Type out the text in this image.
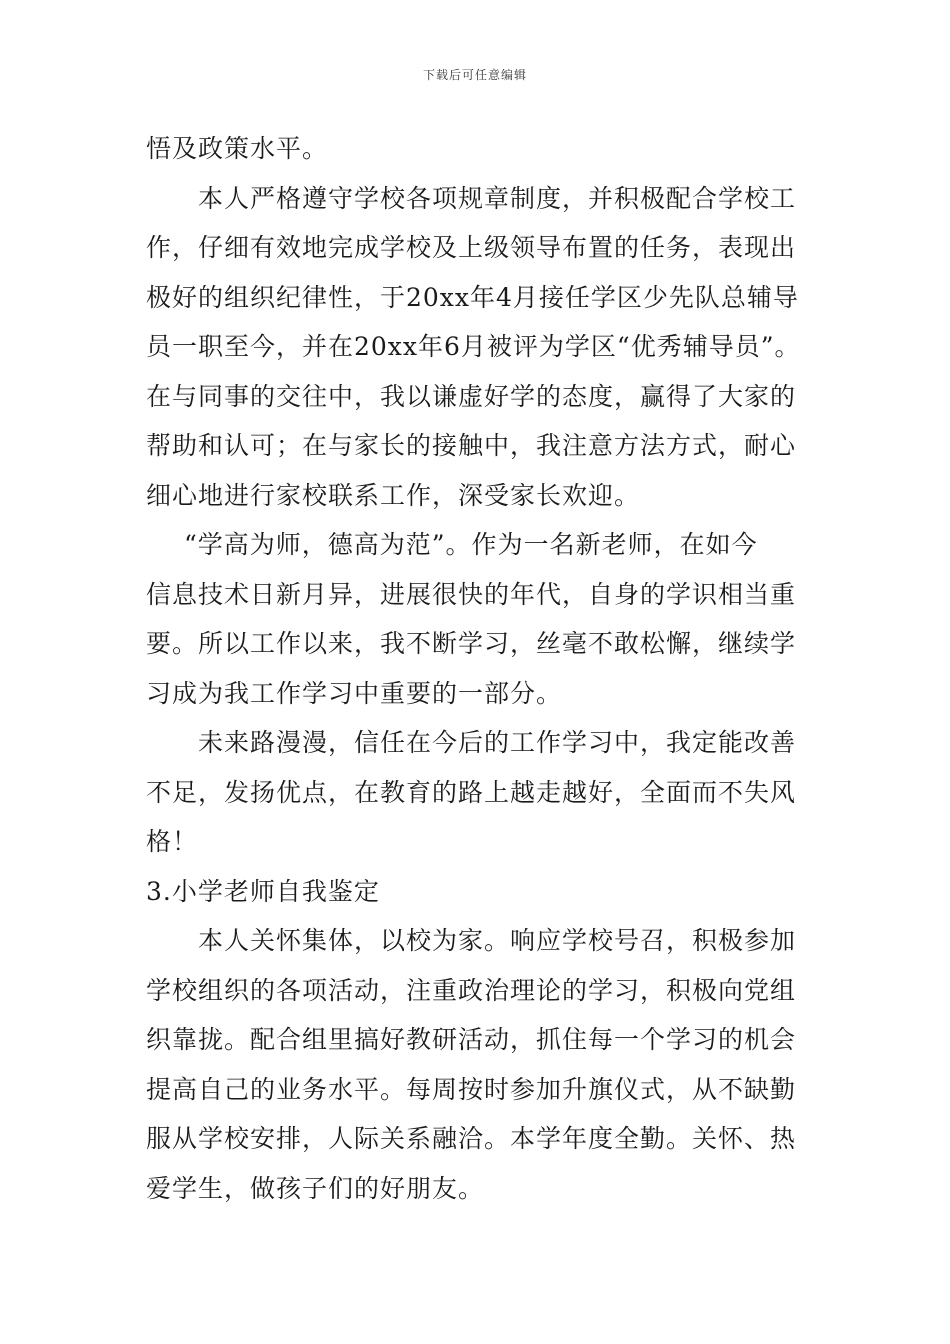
下载后可任意编辑
悟及政策水平。
本人严格遵守学校各项规章制度，并积极配合学校工
作，仔细有效地完成学校及上级领导布置的任务，表现出
极好的组织纪律性，于20xx年4月接任学区少先队总辅导
员一职至今，并在20xx年6月被评为学区“优秀辅导员”。
在与同事的交往中，我以谦虚好学的态度，赢得了大家的
帮助和认可；在与家长的接触中，我注意方法方式，耐心
细心地进行家校联系工作，深受家长欢迎。
“学高为师，德高为范”。作为一名新老师，在如今
信息技术日新月异，进展很快的年代，自身的学识相当重
要。所以工作以来，我不断学习，丝毫不敢松懈，继续学
习成为我工作学习中重要的一部分。
未来路漫漫，信任在今后的工作学习中，我定能改善
不足，发扬优点，在教育的路上越走越好，全面而不失风
格！
3.小学老师自我鉴定
本人关怀集体，以校为家。响应学校号召，积极参加
学校组织的各项活动，注重政治理论的学习，积极向党组
织靠拢。配合组里搞好教研活动，抓住每一个学习的机会
提高自己的业务水平。每周按时参加升旗仪式，从不缺勤
服从学校安排，人际关系融洽。本学年度全勤。关怀、热
爱学生，做孩子们的好朋友。
